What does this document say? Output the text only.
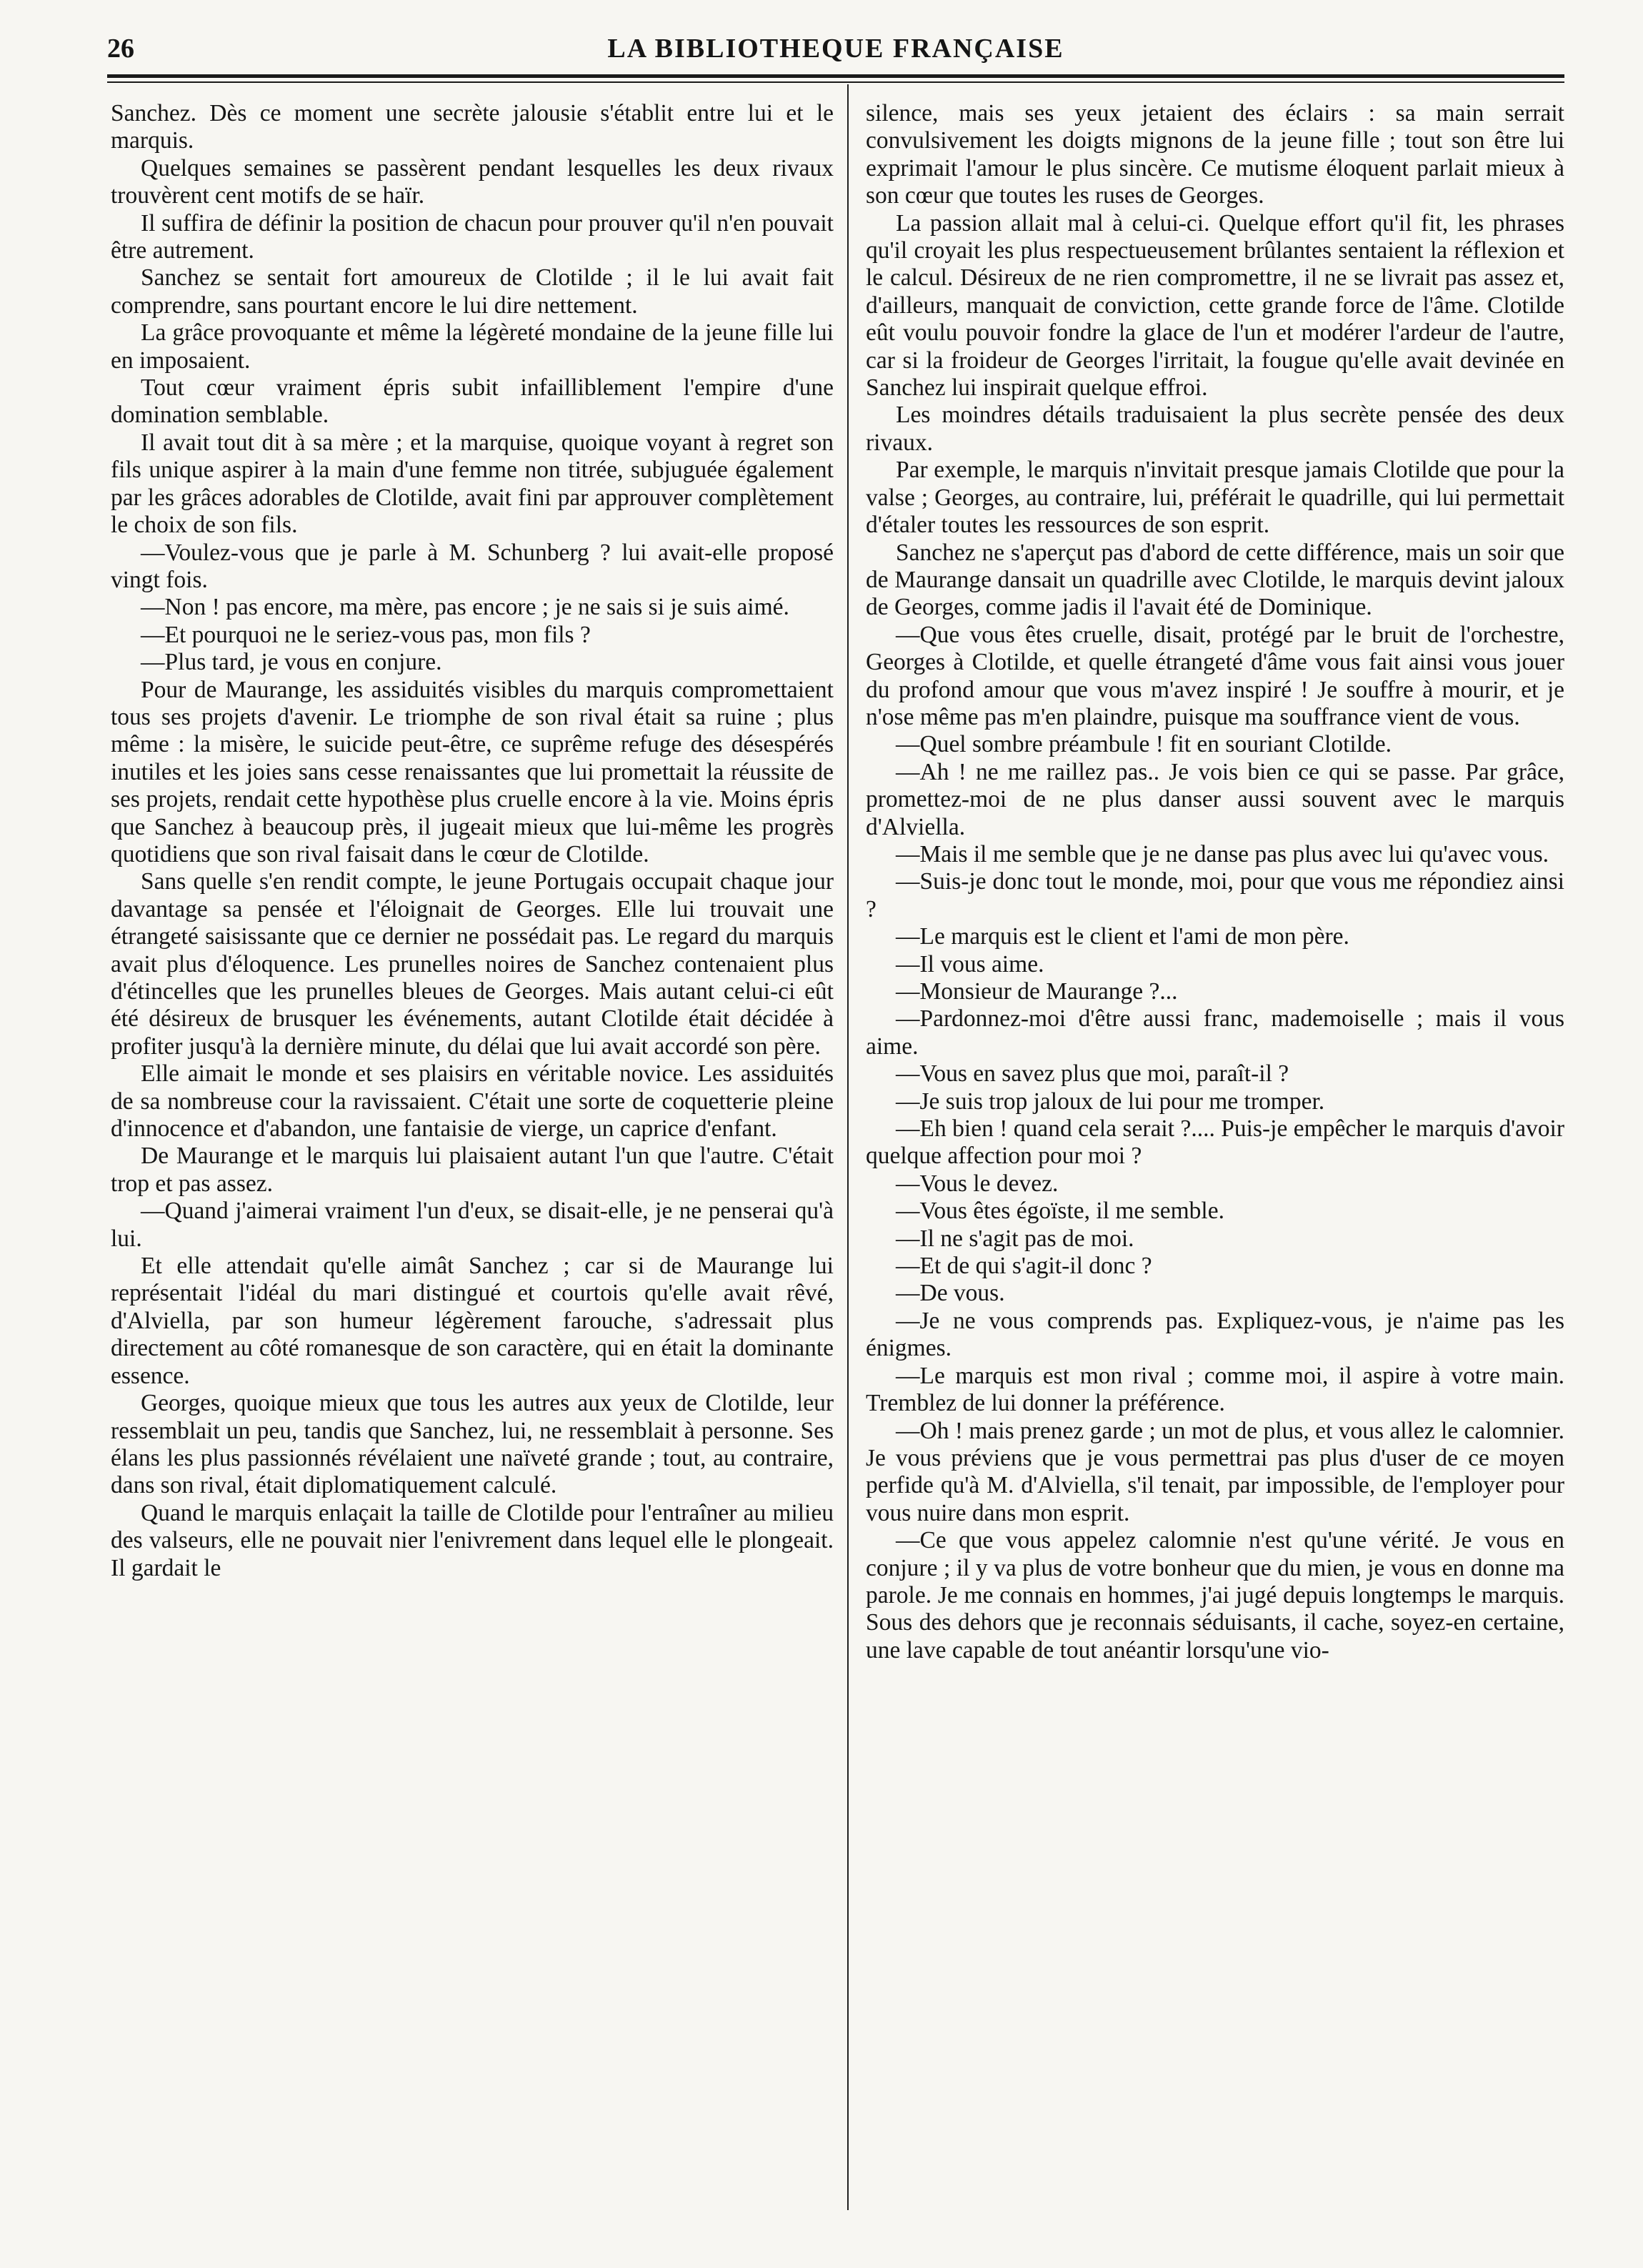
26	LA BIBLIOTHEQUE FRANÇAISE

Sanchez. Dès ce moment une secrète jalousie s'établit entre lui et le marquis.

Quelques semaines se passèrent pendant lesquelles les deux rivaux trouvèrent cent motifs de se haïr.

Il suffira de définir la position de chacun pour prouver qu'il n'en pouvait être autrement.

Sanchez se sentait fort amoureux de Clotilde ; il le lui avait fait comprendre, sans pourtant encore le lui dire nettement.

La grâce provoquante et même la légèreté mondaine de la jeune fille lui en imposaient.

Tout cœur vraiment épris subit infailliblement l'empire d'une domination semblable.

Il avait tout dit à sa mère ; et la marquise, quoique voyant à regret son fils unique aspirer à la main d'une femme non titrée, subjuguée également par les grâces adorables de Clotilde, avait fini par approuver complètement le choix de son fils.

—Voulez-vous que je parle à M. Schunberg ? lui avait-elle proposé vingt fois.

—Non ! pas encore, ma mère, pas encore ; je ne sais si je suis aimé.

—Et pourquoi ne le seriez-vous pas, mon fils ?

—Plus tard, je vous en conjure.

Pour de Maurange, les assiduités visibles du marquis compromettaient tous ses projets d'avenir. Le triomphe de son rival était sa ruine ; plus même : la misère, le suicide peut-être, ce suprême refuge des désespérés inutiles et les joies sans cesse renaissantes que lui promettait la réussite de ses projets, rendait cette hypothèse plus cruelle encore à la vie. Moins épris que Sanchez à beaucoup près, il jugeait mieux que lui-même les progrès quotidiens que son rival faisait dans le cœur de Clotilde.

Sans quelle s'en rendit compte, le jeune Portugais occupait chaque jour davantage sa pensée et l'éloignait de Georges. Elle lui trouvait une étrangeté saisissante que ce dernier ne possédait pas. Le regard du marquis avait plus d'éloquence. Les prunelles noires de Sanchez contenaient plus d'étincelles que les prunelles bleues de Georges. Mais autant celui-ci eût été désireux de brusquer les événements, autant Clotilde était décidée à profiter jusqu'à la dernière minute, du délai que lui avait accordé son père.

Elle aimait le monde et ses plaisirs en véritable novice. Les assiduités de sa nombreuse cour la ravissaient. C'était une sorte de coquetterie pleine d'innocence et d'abandon, une fantaisie de vierge, un caprice d'enfant.

De Maurange et le marquis lui plaisaient autant l'un que l'autre. C'était trop et pas assez.

—Quand j'aimerai vraiment l'un d'eux, se disait-elle, je ne penserai qu'à lui.

Et elle attendait qu'elle aimât Sanchez ; car si de Maurange lui représentait l'idéal du mari distingué et courtois qu'elle avait rêvé, d'Alviella, par son humeur légèrement farouche, s'adressait plus directement au côté romanesque de son caractère, qui en était la dominante essence.

Georges, quoique mieux que tous les autres aux yeux de Clotilde, leur ressemblait un peu, tandis que Sanchez, lui, ne ressemblait à personne. Ses élans les plus passionnés révélaient une naïveté grande ; tout, au contraire, dans son rival, était diplomatiquement calculé.

Quand le marquis enlaçait la taille de Clotilde pour l'entraîner au milieu des valseurs, elle ne pouvait nier l'enivrement dans lequel elle le plongeait. Il gardait le

silence, mais ses yeux jetaient des éclairs : sa main serrait convulsivement les doigts mignons de la jeune fille ; tout son être lui exprimait l'amour le plus sincère. Ce mutisme éloquent parlait mieux à son cœur que toutes les ruses de Georges.

La passion allait mal à celui-ci. Quelque effort qu'il fit, les phrases qu'il croyait les plus respectueusement brûlantes sentaient la réflexion et le calcul. Désireux de ne rien compromettre, il ne se livrait pas assez et, d'ailleurs, manquait de conviction, cette grande force de l'âme. Clotilde eût voulu pouvoir fondre la glace de l'un et modérer l'ardeur de l'autre, car si la froideur de Georges l'irritait, la fougue qu'elle avait devinée en Sanchez lui inspirait quelque effroi.

Les moindres détails traduisaient la plus secrète pensée des deux rivaux.

Par exemple, le marquis n'invitait presque jamais Clotilde que pour la valse ; Georges, au contraire, lui, préférait le quadrille, qui lui permettait d'étaler toutes les ressources de son esprit.

Sanchez ne s'aperçut pas d'abord de cette différence, mais un soir que de Maurange dansait un quadrille avec Clotilde, le marquis devint jaloux de Georges, comme jadis il l'avait été de Dominique.

—Que vous êtes cruelle, disait, protégé par le bruit de l'orchestre, Georges à Clotilde, et quelle étrangeté d'âme vous fait ainsi vous jouer du profond amour que vous m'avez inspiré ! Je souffre à mourir, et je n'ose même pas m'en plaindre, puisque ma souffrance vient de vous.

—Quel sombre préambule ! fit en souriant Clotilde.

—Ah ! ne me raillez pas.. Je vois bien ce qui se passe. Par grâce, promettez-moi de ne plus danser aussi souvent avec le marquis d'Alviella.

—Mais il me semble que je ne danse pas plus avec lui qu'avec vous.

—Suis-je donc tout le monde, moi, pour que vous me répondiez ainsi ?

—Le marquis est le client et l'ami de mon père.

—Il vous aime.

—Monsieur de Maurange ?...

—Pardonnez-moi d'être aussi franc, mademoiselle ; mais il vous aime.

—Vous en savez plus que moi, paraît-il ?

—Je suis trop jaloux de lui pour me tromper.

—Eh bien ! quand cela serait ?.... Puis-je empêcher le marquis d'avoir quelque affection pour moi ?

—Vous le devez.

—Vous êtes égoïste, il me semble.

—Il ne s'agit pas de moi.

—Et de qui s'agit-il donc ?

—De vous.

—Je ne vous comprends pas. Expliquez-vous, je n'aime pas les énigmes.

—Le marquis est mon rival ; comme moi, il aspire à votre main. Tremblez de lui donner la préférence.

—Oh ! mais prenez garde ; un mot de plus, et vous allez le calomnier. Je vous préviens que je vous permettrai pas plus d'user de ce moyen perfide qu'à M. d'Alviella, s'il tenait, par impossible, de l'employer pour vous nuire dans mon esprit.

—Ce que vous appelez calomnie n'est qu'une vérité. Je vous en conjure ; il y va plus de votre bonheur que du mien, je vous en donne ma parole. Je me connais en hommes, j'ai jugé depuis longtemps le marquis. Sous des dehors que je reconnais séduisants, il cache, soyez-en certaine, une lave capable de tout anéantir lorsqu'une vio-
